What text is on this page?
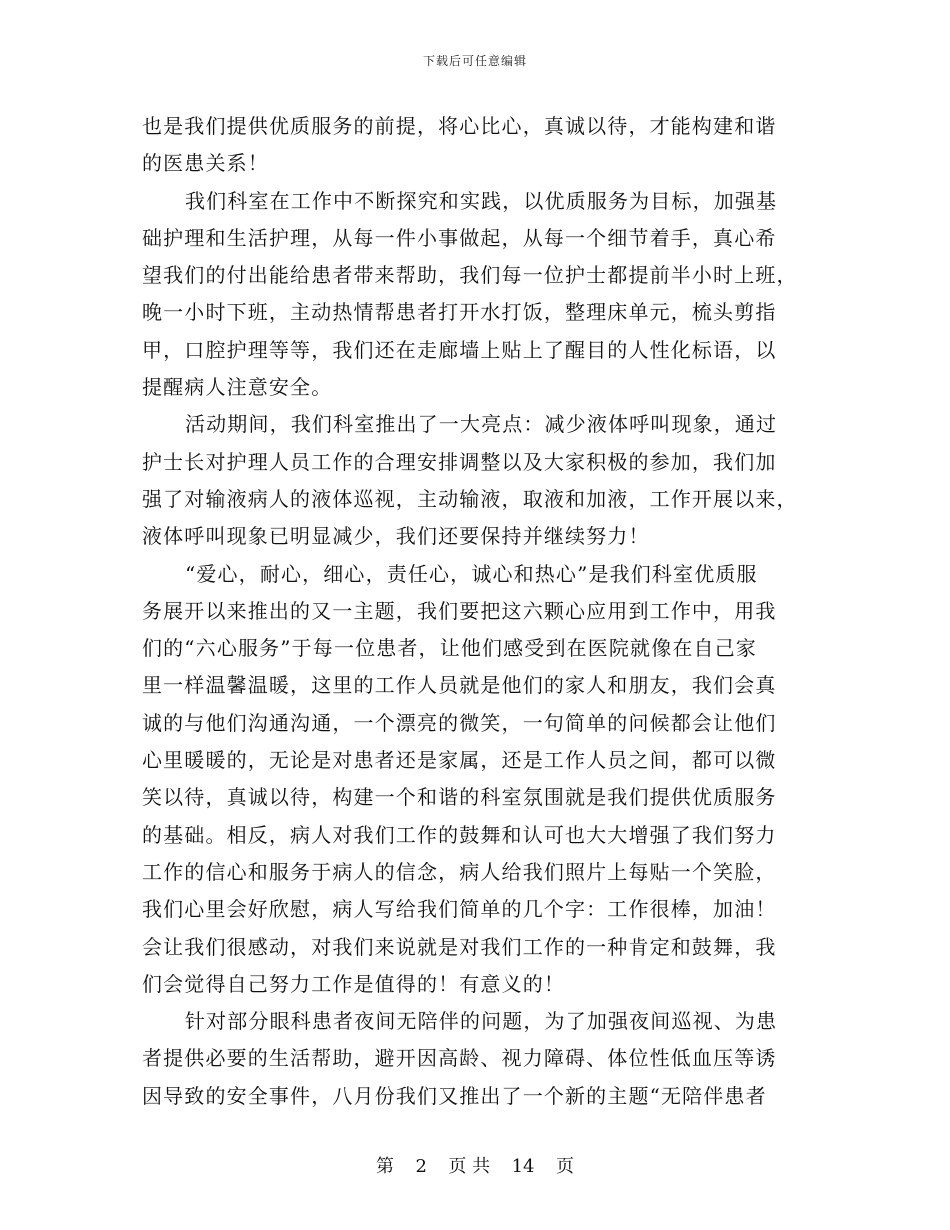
下载后可任意编辑
也是我们提供优质服务的前提，将心比心，真诚以待，才能构建和谐
的医患关系！
我们科室在工作中不断探究和实践，以优质服务为目标，加强基
础护理和生活护理，从每一件小事做起，从每一个细节着手，真心希
望我们的付出能给患者带来帮助，我们每一位护士都提前半小时上班，
晚一小时下班，主动热情帮患者打开水打饭，整理床单元，梳头剪指
甲，口腔护理等等，我们还在走廊墙上贴上了醒目的人性化标语，以
提醒病人注意安全。
活动期间，我们科室推出了一大亮点：减少液体呼叫现象，通过
护士长对护理人员工作的合理安排调整以及大家积极的参加，我们加
强了对输液病人的液体巡视，主动输液，取液和加液，工作开展以来，
液体呼叫现象已明显减少，我们还要保持并继续努力！
“爱心，耐心，细心，责任心，诚心和热心”是我们科室优质服
务展开以来推出的又一主题，我们要把这六颗心应用到工作中，用我
们的“六心服务”于每一位患者，让他们感受到在医院就像在自己家
里一样温馨温暖，这里的工作人员就是他们的家人和朋友，我们会真
诚的与他们沟通沟通，一个漂亮的微笑，一句简单的问候都会让他们
心里暖暖的，无论是对患者还是家属，还是工作人员之间，都可以微
笑以待，真诚以待，构建一个和谐的科室氛围就是我们提供优质服务
的基础。相反，病人对我们工作的鼓舞和认可也大大增强了我们努力
工作的信心和服务于病人的信念，病人给我们照片上每贴一个笑脸，
我们心里会好欣慰，病人写给我们简单的几个字：工作很棒，加油！
会让我们很感动，对我们来说就是对我们工作的一种肯定和鼓舞，我
们会觉得自己努力工作是值得的！有意义的！
针对部分眼科患者夜间无陪伴的问题，为了加强夜间巡视、为患
者提供必要的生活帮助，避开因高龄、视力障碍、体位性低血压等诱
因导致的安全事件，八月份我们又推出了一个新的主题“无陪伴患者
第 2 页 共 14 页
